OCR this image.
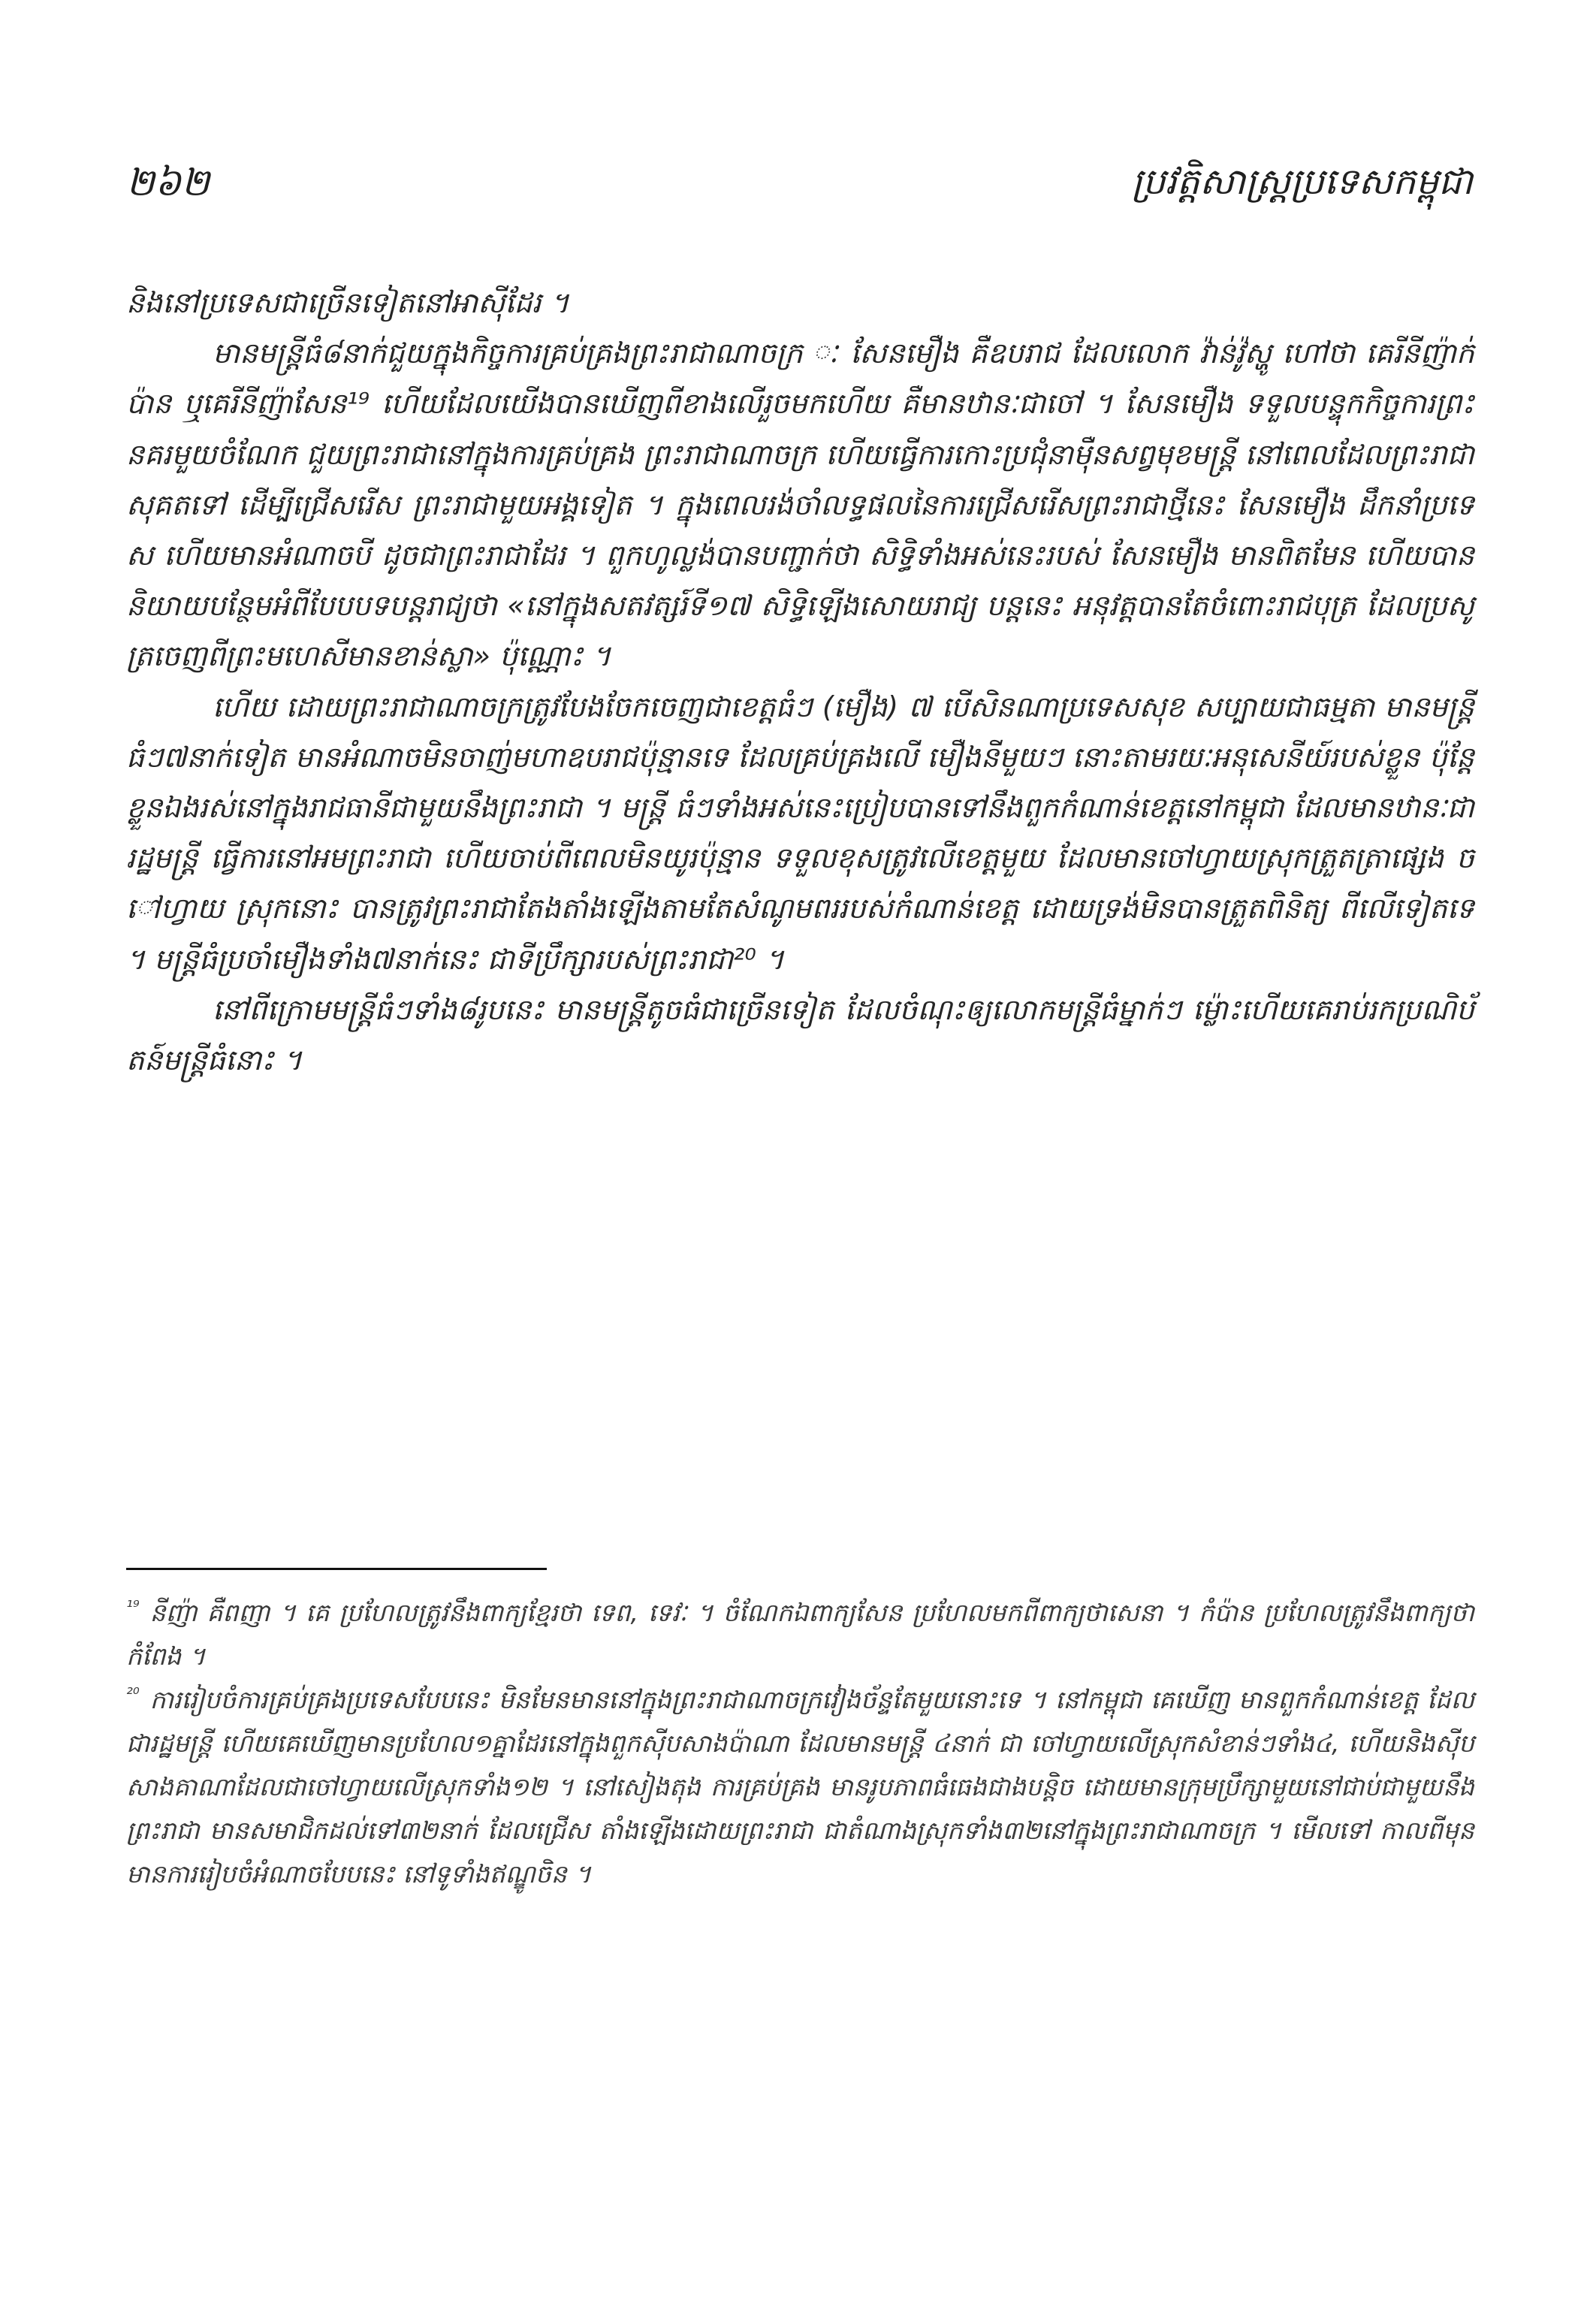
២៦២	ប្រវត្តិសាស្ត្រប្រទេសកម្ពុជា

និងនៅប្រទេសជាច្រើនទៀតនៅអាស៊ីដែរ ។

មានមន្ត្រីធំ៨នាក់ជួយក្នុងកិច្ចការគ្រប់គ្រងព្រះរាជាណាចក្រ ៈ សែនមឿង គឺឧបរាជ ដែលលោក វ៉ាន់វ៉ូស្ហូ ហៅថា គេរីនីញ៉ាក់ប៉ាន ឬគេរីនីញ៉ាសែន¹⁹ ហើយដែលយើងបានឃើញពីខាងលើរួចមកហើយ គឺមានឋានៈជាចៅ ។ សែនមឿង ទទួលបន្ទុកកិច្ចការព្រះនគរមួយចំណែក ជួយព្រះរាជានៅក្នុងការគ្រប់គ្រង ព្រះរាជាណាចក្រ ហើយធ្វើការកោះប្រជុំនាម៉ឺនសព្វមុខមន្ត្រី នៅពេលដែលព្រះរាជាសុគតទៅ ដើម្បីជ្រើសរើស ព្រះរាជាមួយអង្គទៀត ។ ក្នុងពេលរង់ចាំលទ្ធផលនៃការជ្រើសរើសព្រះរាជាថ្មីនេះ សែនមឿង ដឹកនាំប្រទេស ហើយមានអំណាចបី ដូចជាព្រះរាជាដែរ ។ ពួកហូល្លង់បានបញ្ជាក់ថា សិទ្ធិទាំងអស់នេះរបស់ សែនមឿង មានពិតមែន ហើយបាន និយាយបន្ថែមអំពីបែបបទបន្តរាជ្យថា «នៅក្នុងសតវត្សរ៍ទី១៧ សិទ្ធិឡើងសោយរាជ្យ បន្តនេះ អនុវត្តបានតែចំពោះរាជបុត្រ ដែលប្រសូត្រចេញពីព្រះមហេសីមានខាន់ស្លា» ប៉ុណ្ណោះ ។

ហើយ ដោយព្រះរាជាណាចក្រត្រូវបែងចែកចេញជាខេត្តធំៗ (មឿង) ៧ បើសិនណាប្រទេសសុខ សប្បាយជាធម្មតា មានមន្ត្រីធំៗ៧នាក់ទៀត មានអំណាចមិនចាញ់មហាឧបរាជប៉ុន្មានទេ ដែលគ្រប់គ្រងលើ មឿងនីមួយៗ នោះតាមរយៈអនុសេនីយ៍របស់ខ្លួន ប៉ុន្តែខ្លួនឯងរស់នៅក្នុងរាជធានីជាមួយនឹងព្រះរាជា ។ មន្ត្រី ធំៗទាំងអស់នេះប្រៀបបានទៅនឹងពួកកំណាន់ខេត្តនៅកម្ពុជា ដែលមានឋានៈជារដ្ឋមន្ត្រី ធ្វើការនៅអមព្រះរាជា ហើយចាប់ពីពេលមិនយូរប៉ុន្មាន ទទួលខុសត្រូវលើខេត្តមួយ ដែលមានចៅហ្វាយស្រុកត្រួតត្រាផ្សេង ចៅហ្វាយ ស្រុកនោះ បានត្រូវព្រះរាជាតែងតាំងឡើងតាមតែសំណូមពររបស់កំណាន់ខេត្ត ដោយទ្រង់មិនបានត្រួតពិនិត្យ ពីលើទៀតទេ ។ មន្ត្រីធំប្រចាំមឿងទាំង៧នាក់នេះ ជាទីប្រឹក្សារបស់ព្រះរាជា²⁰ ។

នៅពីក្រោមមន្ត្រីធំៗទាំង៨រូបនេះ មានមន្ត្រីតូចធំជាច្រើនទៀត ដែលចំណុះឲ្យលោកមន្ត្រីធំម្នាក់ៗ ម៉្លោះហើយគេរាប់រកប្រណិប័តន៍មន្ត្រីធំនោះ ។

$^{^{19}}$ នីញ៉ា គឺពញា ។ គេ ប្រហែលត្រូវនឹងពាក្យខ្មែរថា ទេព, ទេវៈ ។ ចំណែកឯពាក្យសែន ប្រហែលមកពីពាក្យថាសេនា ។ កំប៉ាន ប្រហែលត្រូវនឹងពាក្យថា កំពែង ។

$^{^{20}}$ ការរៀបចំការគ្រប់គ្រងប្រទេសបែបនេះ មិនមែនមាននៅក្នុងព្រះរាជាណាចក្រវៀងច័ន្ទតែមួយនោះទេ ។ នៅកម្ពុជា គេឃើញ មានពួកកំណាន់ខេត្ត ដែលជារដ្ឋមន្ត្រី ហើយគេឃើញមានប្រហែល១គ្នាដែរនៅក្នុងពួកស៊ីបសាងប៉ាណា ដែលមានមន្ត្រី ៤នាក់ ជា ចៅហ្វាយលើស្រុកសំខាន់ៗទាំង៤, ហើយនិងស៊ីបសាងគាណាដែលជាចៅហ្វាយលើស្រុកទាំង១២ ។ នៅសៀងតុង ការគ្រប់គ្រង មានរូបភាពធំធេងជាងបន្តិច ដោយមានក្រុមប្រឹក្សាមួយនៅជាប់ជាមួយនឹងព្រះរាជា មានសមាជិកដល់ទៅ៣២នាក់ ដែលជ្រើស តាំងឡើងដោយព្រះរាជា ជាតំណាងស្រុកទាំង៣២នៅក្នុងព្រះរាជាណាចក្រ ។ មើលទៅ កាលពីមុនមានការរៀបចំអំណាចបែបនេះ នៅទូទាំងឥណ្ឌូចិន ។
